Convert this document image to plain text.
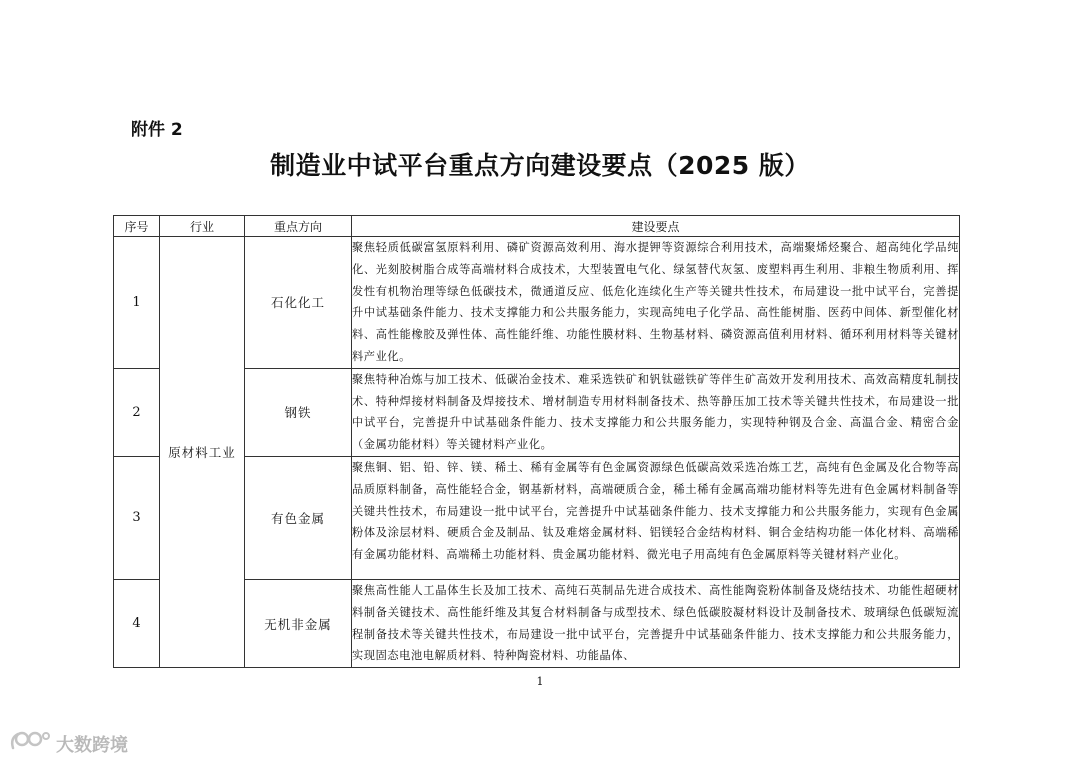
附件 2
制造业中试平台重点方向建设要点（2025 版）
序号	行业	重点方向	建设要点
1	原材料工业	石化化工	聚焦轻质低碳富氢原料利用、磷矿资源高效利用、海水提钾等资源综合利用技术，高端聚烯烃聚合、超高纯化学品纯化、光刻胶树脂合成等高端材料合成技术，大型装置电气化、绿氢替代灰氢、废塑料再生利用、非粮生物质利用、挥发性有机物治理等绿色低碳技术，微通道反应、低危化连续化生产等关键共性技术，布局建设一批中试平台，完善提升中试基础条件能力、技术支撑能力和公共服务能力，实现高纯电子化学品、高性能树脂、医药中间体、新型催化材料、高性能橡胶及弹性体、高性能纤维、功能性膜材料、生物基材料、磷资源高值利用材料、循环利用材料等关键材料产业化。
2		钢铁	聚焦特种冶炼与加工技术、低碳冶金技术、难采选铁矿和钒钛磁铁矿等伴生矿高效开发利用技术、高效高精度轧制技术、特种焊接材料制备及焊接技术、增材制造专用材料制备技术、热等静压加工技术等关键共性技术，布局建设一批中试平台，完善提升中试基础条件能力、技术支撑能力和公共服务能力，实现特种钢及合金、高温合金、精密合金（金属功能材料）等关键材料产业化。
3		有色金属	聚焦铜、铝、铅、锌、镁、稀土、稀有金属等有色金属资源绿色低碳高效采选冶炼工艺，高纯有色金属及化合物等高品质原料制备，高性能轻合金，钢基新材料，高端硬质合金，稀土稀有金属高端功能材料等先进有色金属材料制备等关键共性技术，布局建设一批中试平台，完善提升中试基础条件能力、技术支撑能力和公共服务能力，实现有色金属粉体及涂层材料、硬质合金及制品、钛及难熔金属材料、铝镁轻合金结构材料、铜合金结构功能一体化材料、高端稀有金属功能材料、高端稀土功能材料、贵金属功能材料、微光电子用高纯有色金属原料等关键材料产业化。
4		无机非金属	聚焦高性能人工晶体生长及加工技术、高纯石英制品先进合成技术、高性能陶瓷粉体制备及烧结技术、功能性超硬材料制备关键技术、高性能纤维及其复合材料制备与成型技术、绿色低碳胶凝材料设计及制备技术、玻璃绿色低碳短流程制备技术等关键共性技术，布局建设一批中试平台，完善提升中试基础条件能力、技术支撑能力和公共服务能力，实现固态电池电解质材料、特种陶瓷材料、功能晶体、
1
大数跨境
